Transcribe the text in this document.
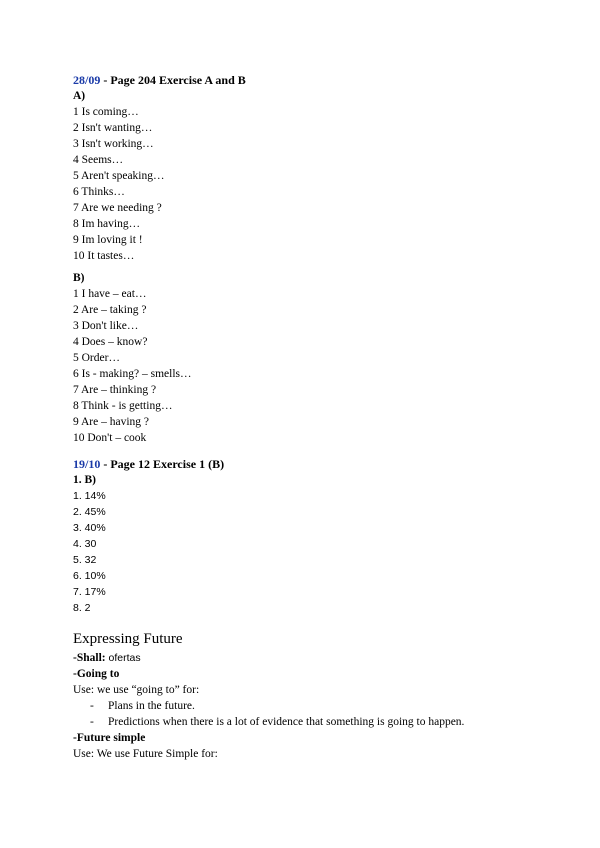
28/09 - Page 204 Exercise A and B
A)
1 Is coming…
2 Isn't wanting…
3 Isn't working…
4 Seems…
5 Aren't speaking…
6 Thinks…
7 Are we needing ?
8 Im having…
9 Im loving it !
10 It tastes…
B)
1 I have – eat…
2 Are – taking ?
3 Don't like…
4 Does – know?
5 Order…
6 Is - making? – smells…
7 Are – thinking ?
8 Think - is getting…
9 Are – having ?
10 Don't – cook
19/10 - Page 12 Exercise 1 (B)
1. B)
1. 14%
2. 45%
3. 40%
4. 30
5. 32
6. 10%
7. 17%
8. 2
Expressing Future
-Shall: ofertas
-Going to
Use: we use “going to” for:
- Plans in the future.
- Predictions when there is a lot of evidence that something is going to happen.
-Future simple
Use: We use Future Simple for:
